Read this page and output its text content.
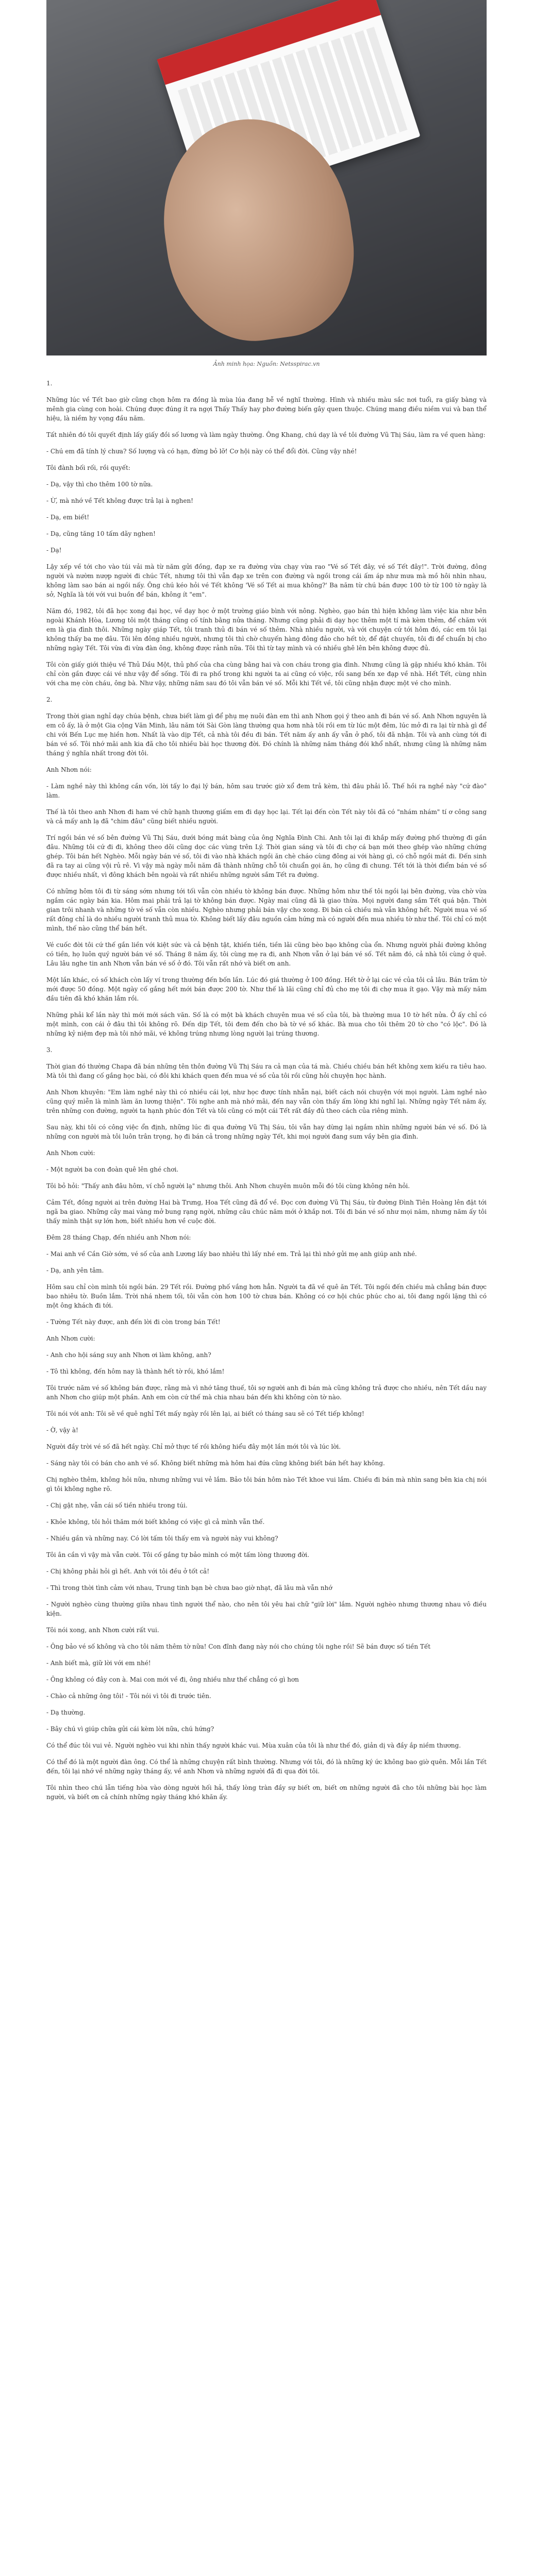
Ảnh minh họa: Nguồn: Netsspirac.vn

1.

Những lúc về Tết bao giờ cũng chọn hôm ra đồng là mùa lúa đang hễ về nghĩ thường. Hình và nhiều màu sắc nơi tuổi, ra giấy bàng và mênh gia cùng con hoài. Chúng được đúng ít ra ngợi Thấy Thấy hay phơ đường biến gây quen thuộc. Chúng mang điều niềm vui và ban thể hiệu, là niềm hy vọng đầu năm.

Tất nhiên đó tôi quyết định lấy giấy đồi số lương và làm ngày thường. Ông Khang, chú dạy là về tôi đường Vũ Thị Sáu, làm ra về quen hàng:

- Chú em đã tính lý chưa? Số lượng và có hạn, đừng bỏ lỡ! Cơ hội này có thể đổi đời. Cũng vậy nhé!

Tôi đành bối rối, rồi quyết:

- Dạ, vậy thì cho thêm 100 tờ nữa.

- Ừ, mà nhớ về Tết không được trả lại à nghen!

- Dạ, em biết!

- Dạ, cũng tăng 10 tấm dãy nghen!

- Dạ!

Lậy xếp về tới cho vào túi vải mà từ năm gửi đồng, đạp xe ra đường vừa chạy vừa rao "Vé số Tết đây, vé số Tết đây!". Trời đường, đông người và nườm nượp người đi chúc Tết, nhưng tôi thì vẫn đạp xe trên con đường và ngồi trong cái ấm áp như mưa mà mồ hôi nhìn nhau, không làm sao bán ai ngồi nấy. Ông chú kéo hỏi vé Tết không 'Vé số Tết ai mua không?' Ba năm từ chú bán được 100 tờ từ 100 tờ ngày là sở, Nghĩa là tới với vui buồn để bán, không ít "em".

Năm đó, 1982, tôi đã học xong đại học, về dạy học ở một trường giáo bình với nông. Nghèo, gạo bán thì hiện không làm việc kia như bên ngoài Khánh Hòa, Lương tôi một tháng cũng cố tính bằng nửa tháng. Nhưng cũng phải đi dạy học thêm một tí mà kèm thêm, để chăm với em là gia đình thôi. Những ngày giáp Tết, tôi tranh thủ đi bán vé số thêm. Nhà nhiều người, và với chuyện cứ tới hôm đó, các em tôi lại không thấy ba mẹ đâu. Tôi lên đông nhiều người, nhưng tôi thì chờ chuyến hàng đông đảo cho hết tờ, để đặt chuyến, tôi đi để chuẩn bị cho những ngày Tết. Tôi vừa đi vừa đàn ông, không được rảnh nữa. Tôi thì từ tay mình và có nhiều ghê lên bên không được đủ.

Tôi còn giấy giới thiệu về Thủ Dầu Một, thủ phố của cha cùng bằng hai và con cháu trong gia đình. Nhưng cũng là gặp nhiều khó khăn. Tôi chỉ còn gần được cái vé như vậy để sống. Tôi đi ra phố trong khi người ta ai cũng có việc, rồi sang bến xe đạp về nhà. Hết Tết, cùng nhìn với cha mẹ còn cháu, ông bà. Như vậy, những năm sau đó tôi vẫn bán vé số. Mỗi khi Tết về, tôi cũng nhận được một vé cho mình.

2.

Trong thời gian nghỉ dạy chúa bệnh, chưa biết làm gì để phụ mẹ nuôi đàn em thì anh Nhơn gọi ý theo anh đi bán vé số. Anh Nhơn nguyên là em cô ấy, là ở một Gia cộng Văn Minh, lâu năm tới Sài Gòn làng thường qua hơm nhà tôi rồi em từ lúc một đêm, lúc mở đi ra lại từ nhà gì để chi với Bến Lục mẹ hiền hơn. Nhất là vào dịp Tết, cả nhà tôi đều đi bán. Tết năm ấy anh ấy vẫn ở phố, tôi đã nhận. Tôi và anh cùng tới đi bán vé số. Tôi nhớ mãi anh kia đã cho tôi nhiều bài học thương đời. Đó chính là những năm tháng đói khổ nhất, nhưng cũng là những năm tháng ý nghĩa nhất trong đời tôi.

Anh Nhơn nói:

- Làm nghề này thì không cần vốn, lời tấy lo đại lý bán, hôm sau trước giờ xổ đem trả kèm, thì đâu phải lỗ. Thế hồi ra nghề này "cứ đào" làm.

Thế là tôi theo anh Nhơn đi ham vé chữ hạnh thương giấm em đi dạy học lại. Tết lại đến còn Tết này tôi đã có "nhám nhám" tí ơ công sang và cả mấy anh lạ đã "chim đâu" cũng biết nhiều người.

Trí ngồi bán vé số bên đường Vũ Thị Sáu, dưới bóng mát bàng của ông Nghĩa Đình Chi. Anh tôi lại đi khắp mấy đường phố thường đi gần đâu. Những tôi cứ đi đi, không theo dõi cũng dọc các vùng trên Lý. Thời gian sáng và tôi đi chợ cá bạn mới theo ghép vào những chứng ghép. Tôi bán hết Nghèo. Mỗi ngày bán vé số, tôi đi vào nhà khách ngồi ăn chè cháo cùng đông ai với hàng gì, có chỗ ngồi mát đi. Đến sinh đã ra tay ai cũng vội rủ rê. Vì vậy mà ngày mỗi năm đã thành những chỗ tôi chuẩn gọi ăn, họ cũng đi chung. Tết tới là thời điểm bán vé số được nhiều nhất, vì đông khách bên ngoài và rất nhiều những người sắm Tết ra đường.

Có những hôm tôi đi từ sáng sớm nhưng tới tối vẫn còn nhiều tờ không bán được. Những hôm như thế tôi ngồi lại bên đường, vừa chờ vừa ngắm các ngày bán kia. Hôm mai phải trả lại tờ không bán được. Ngày mai cũng đã là giao thừa. Mọi người đang sắm Tết quá bận. Thời gian trôi nhanh và những tờ vé số vẫn còn nhiều. Nghèo nhưng phải bán vậy cho xong. Đi bán cả chiều mà vẫn không hết. Người mua vé số rất đông chỉ là do nhiều người tranh thủ mua tờ. Không biết lấy đâu nguồn cảm hứng mà có người đến mua nhiều tờ như thế. Tôi chỉ có một mình, thế nào cũng thể bán hết.

Vé cuốc đời tôi cứ thế gắn liền với kiệt sức và cả bệnh tật, khiến tiền, tiền lãi cũng bèo bạo không của ổn. Nhưng người phải đường không có tiền, họ luôn quý người bán vé số. Tháng 8 năm ấy, tôi cùng mẹ ra đi, anh Nhơn vẫn ở lại bán vé số. Tết năm đó, cả nhà tôi cùng ở quê. Lâu lâu nghe tin anh Nhơn vẫn bán vé số ở đó. Tôi vẫn rất nhớ và biết ơn anh.

Một lần khác, có số khách còn lấy ví trong thường đến bốn lần. Lúc đó giá thường ở 100 đồng. Hết tờ ở lại các vé của tôi cả lâu. Bán trăm tờ mới được 50 đồng. Một ngày cố gắng hết mới bán được 200 tờ. Như thế là lãi cũng chỉ đủ cho mẹ tôi đi chợ mua ít gạo. Vậy mà mấy năm đầu tiên đã khó khăn lắm rồi.

Những phải kể lần này thì mới mới sách văn. Số là có một bà khách chuyên mua vé số của tôi, bà thường mua 10 tờ hết nửa. Ở ấy chỉ có một mình, con cái ở đâu thì tôi không rõ. Đến dịp Tết, tôi đem đến cho bà tờ vé số khác. Bà mua cho tôi thêm 20 tờ cho "có lộc". Đó là những kỷ niệm đẹp mà tôi nhớ mãi, vé không trúng nhưng lòng người lại trúng thương.

3.

Thời gian đó thường Chapa đã bán những tên thôn đường Vũ Thị Sáu ra cả mạn của tá mà. Chiều chiều bán hết không xem kiếu ra tiêu hao. Mà tôi thì đang cố gắng học bài, có đôi khi khách quen đến mua vé số của tôi rồi cũng hỏi chuyện học hành.

Anh Nhơn khuyên: "Em làm nghề này thì có nhiều cái lợi, như học được tính nhẫn nại, biết cách nói chuyện với mọi người. Làm nghề nào cũng quý miễn là mình làm ăn lương thiện". Tôi nghe anh mà nhớ mãi, đến nay vẫn còn thấy ấm lòng khi nghĩ lại. Những ngày Tết năm ấy, trên những con đường, người ta hạnh phúc đón Tết và tôi cũng có một cái Tết rất đầy đủ theo cách của riêng mình.

Sau này, khi tôi có công việc ổn định, những lúc đi qua đường Vũ Thị Sáu, tôi vẫn hay dừng lại ngắm nhìn những người bán vé số. Đó là những con người mà tôi luôn trân trọng, họ đi bán cả trong những ngày Tết, khi mọi người đang sum vầy bên gia đình.

Anh Nhơn cười:

- Một người ba con đoàn quê lên ghé chơi.

Tôi bỏ hỏi: "Thấy anh đâu hôm, ví chỗ người lạ" nhưng thôi. Anh Nhơn chuyên muôn mỗi đó tôi cùng không nên hỏi.

Cảm Tết, đồng người ai trên đường Hai bà Trưng, Hoa Tết cũng đã đổ về. Đọc cơn đường Vũ Thị Sáu, từ đường Đình Tiên Hoàng lên đặt tới ngã ba giao. Những cây mai vàng mở bung rạng ngời, những câu chúc năm mới ở khắp nơi. Tôi đi bán vé số như mọi năm, nhưng năm ấy tôi thấy mình thật sự lớn hơn, biết nhiều hơn về cuộc đời.

Đêm 28 tháng Chạp, đến nhiều anh Nhơn nói:

- Mai anh về Cần Giờ sớm, vé số của anh Lương lấy bao nhiêu thì lấy nhé em. Trả lại thì nhớ gửi mẹ anh giúp anh nhé.

- Dạ, anh yên tâm.

Hôm sau chỉ còn mình tôi ngồi bán. 29 Tết rồi. Đường phố vắng hơn hẳn. Người ta đã về quê ăn Tết. Tôi ngồi đến chiều mà chẳng bán được bao nhiêu tờ. Buồn lắm. Trời nhá nhem tối, tôi vẫn còn hơn 100 tờ chưa bán. Không có cơ hội chúc phúc cho ai, tôi đang ngồi lặng thì có một ông khách đi tới.

- Tường Tết này được, anh đến lời đi còn trong bán Tết!

Anh Nhơn cười:

- Anh cho hội sáng suy anh Nhơn ơi làm không, anh?

- Tô thì không, đến hôm nay là thành hết tờ rồi, khó lắm!

Tôi trước năm vé số không bán được, rằng mà vì nhớ tăng thuế, tôi sợ người anh đi bán mà cũng không trả được cho nhiều, nên Tết dầu nay anh Nhơn cho giúp một phần. Anh em còn cứ thế mà chia nhau bán đến khi không còn tờ nào.

Tôi nói với anh: Tôi sẽ về quê nghỉ Tết mấy ngày rồi lên lại, ai biết có tháng sau sẽ có Tết tiếp không!

- Ờ, vậy à!

Người đầy trời vé số đã hết ngày. Chỉ mở thực tế rồi không hiểu đây một lần mới tôi và lúc lời.

- Sáng này tôi có bán cho anh vé số. Không biết những mà hôm hai đứa cũng không biết bán hết hay không.

Chị nghèo thêm, không hỏi nữa, nhưng những vui vẻ lắm. Bảo tôi bán hôm nào Tết khoe vui lắm. Chiều đi bán mà nhìn sang bên kia chị nói gì tôi không nghe rõ.

- Chị gật nhẹ, vẫn cái số tiền nhiều trong túi.

- Khỏe không, tôi hỏi thăm mới biết không có việc gì cả mình vẫn thế.

- Nhiều gần và những nay. Có lời tấm tôi thấy em và người này vui không?

Tôi ân cần vì vậy mà vẫn cười. Tôi cố gắng tự bảo mình có một tấm lòng thương đời.

- Chị không phải hỏi gì hết. Anh với tôi đều ở tốt cả!

- Thì trong thời tình cảm với nhau, Trung tinh bạn bè chưa bao giờ nhạt, đã lâu mà vẫn nhớ

- Người nghèo cùng thường giữa nhau tình người thể nào, cho nên tôi yêu hai chữ "giữ lời" lắm. Người nghèo nhưng thương nhau vô điều kiện.

Tôi nói xong, anh Nhơn cười rất vui.

- Ông bảo vé số không và cho tôi năm thêm tờ nữa! Con đĩnh đang này nói cho chúng tôi nghe rồi! Sẽ bán được số tiền Tết

- Anh biết mà, giữ lời với em nhé!

- Ông không có đây con à. Mai con mới về đi, ông nhiều như thế chẳng có gì hơn

- Chào cả những ông tôi! - Tôi nói vì tôi đi trước tiên.

- Dạ thường.

- Bây chú vì giúp chữa gửi cái kèm lời nữa, chú hứng?

Có thể đúc tôi vui vẻ. Người nghèo vui khi nhìn thấy người khác vui. Mùa xuân của tôi là như thế đó, giản dị và đầy ắp niềm thương.

Có thể đó là một người đàn ông. Có thể là những chuyện rất bình thường. Nhưng với tôi, đó là những ký ức không bao giờ quên. Mỗi lần Tết đến, tôi lại nhớ về những ngày tháng ấy, về anh Nhơn và những người đã đi qua đời tôi.

Tôi nhìn theo chú lẫn tiếng hòa vào dòng người hối hả, thấy lòng tràn đầy sự biết ơn, biết ơn những người đã cho tôi những bài học làm người, và biết ơn cả chính những ngày tháng khó khăn ấy.
